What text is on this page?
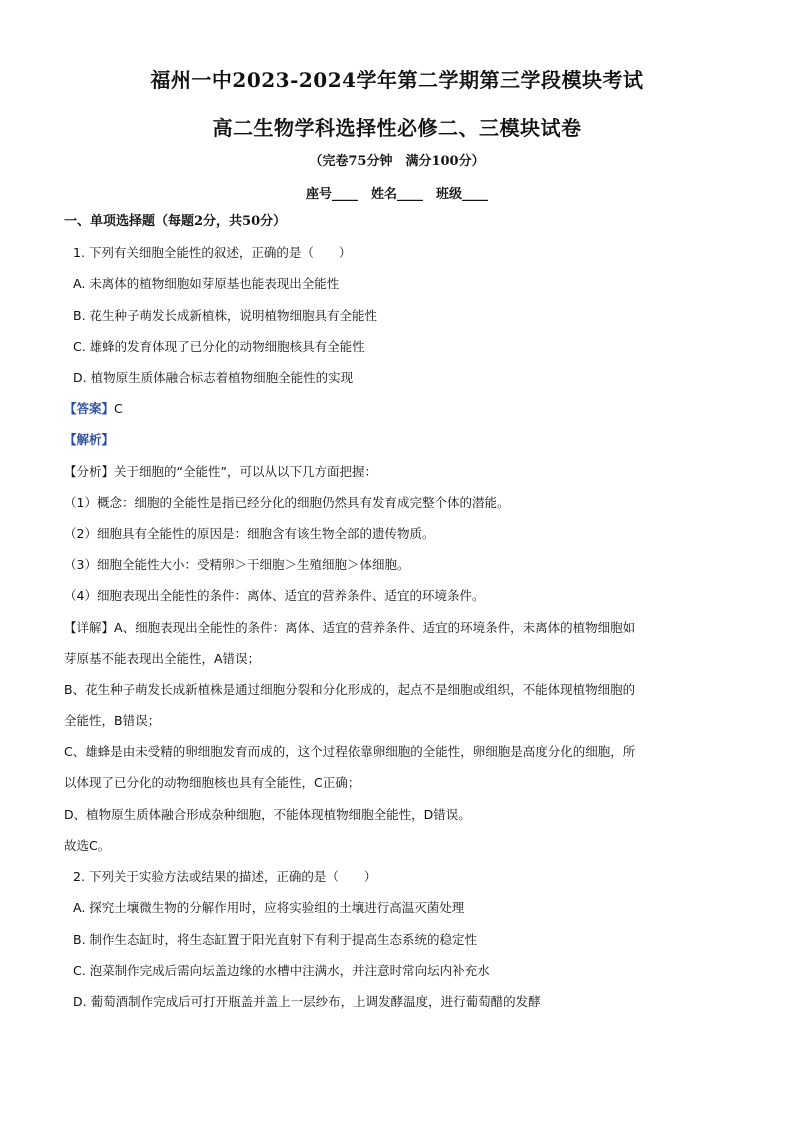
福州一中2023-2024学年第二学期第三学段模块考试
高二生物学科选择性必修二、三模块试卷
（完卷75分钟　满分100分）
座号____　姓名____　班级____
一、单项选择题（每题2分，共50分）
1. 下列有关细胞全能性的叙述，正确的是（　　）
A. 未离体的植物细胞如芽原基也能表现出全能性
B. 花生种子萌发长成新植株，说明植物细胞具有全能性
C. 雄蜂的发育体现了已分化的动物细胞核具有全能性
D. 植物原生质体融合标志着植物细胞全能性的实现
【答案】C
【解析】
【分析】关于细胞的“全能性”，可以从以下几方面把握：
（1）概念：细胞的全能性是指已经分化的细胞仍然具有发育成完整个体的潜能。
（2）细胞具有全能性的原因是：细胞含有该生物全部的遗传物质。
（3）细胞全能性大小：受精卵＞干细胞＞生殖细胞＞体细胞。
（4）细胞表现出全能性的条件：离体、适宜的营养条件、适宜的环境条件。
【详解】A、细胞表现出全能性的条件：离体、适宜的营养条件、适宜的环境条件，未离体的植物细胞如
芽原基不能表现出全能性，A错误；
B、花生种子萌发长成新植株是通过细胞分裂和分化形成的，起点不是细胞或组织，不能体现植物细胞的
全能性，B错误；
C、雄蜂是由未受精的卵细胞发育而成的，这个过程依靠卵细胞的全能性，卵细胞是高度分化的细胞，所
以体现了已分化的动物细胞核也具有全能性，C正确；
D、植物原生质体融合形成杂种细胞，不能体现植物细胞全能性，D错误。
故选C。
2. 下列关于实验方法或结果的描述，正确的是（　　）
A. 探究土壤微生物的分解作用时，应将实验组的土壤进行高温灭菌处理
B. 制作生态缸时，将生态缸置于阳光直射下有利于提高生态系统的稳定性
C. 泡菜制作完成后需向坛盖边缘的水槽中注满水，并注意时常向坛内补充水
D. 葡萄酒制作完成后可打开瓶盖并盖上一层纱布，上调发酵温度，进行葡萄醋的发酵
